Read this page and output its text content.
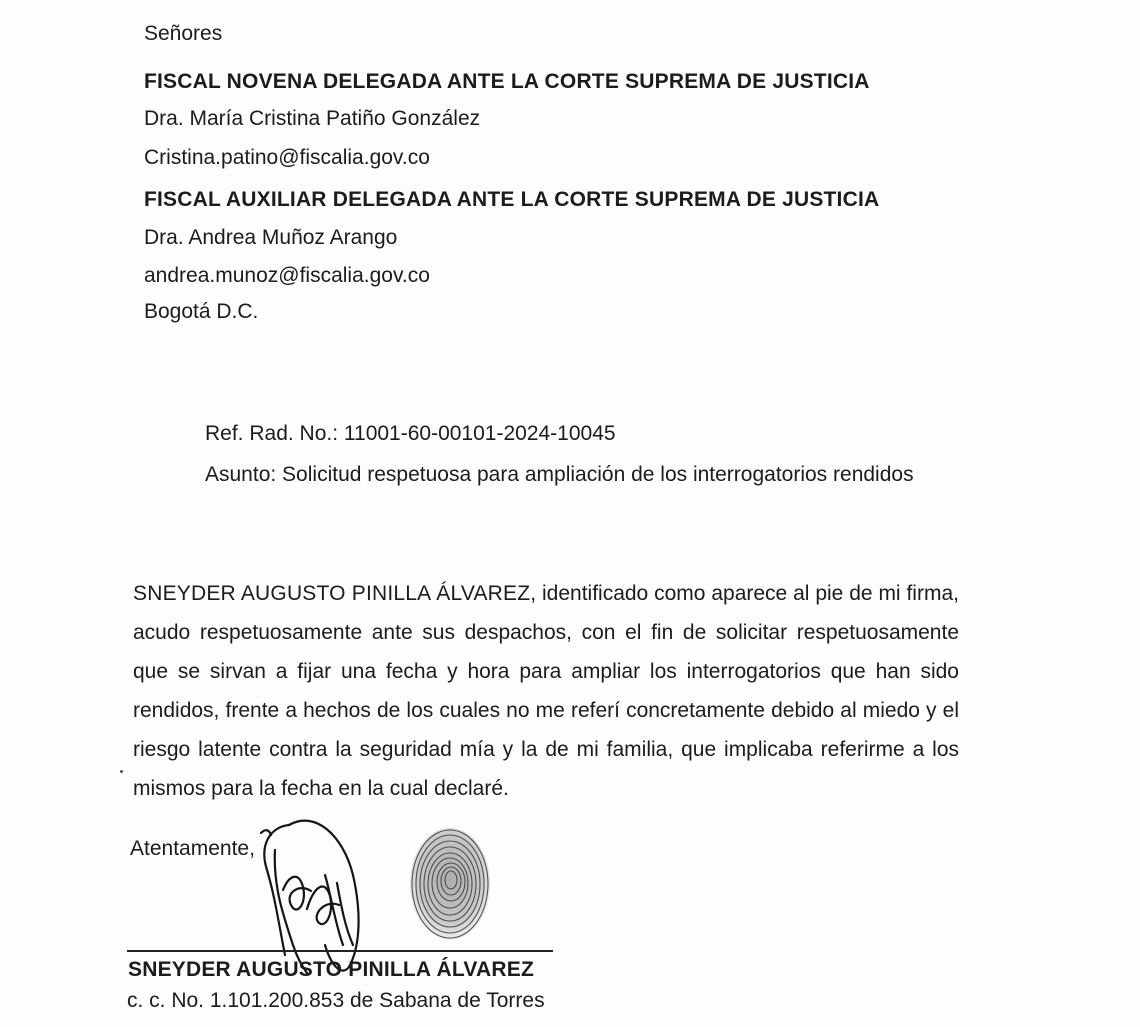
Señores
FISCAL NOVENA DELEGADA ANTE LA CORTE SUPREMA DE JUSTICIA
Dra. María Cristina Patiño González
Cristina.patino@fiscalia.gov.co
FISCAL AUXILIAR DELEGADA ANTE LA CORTE SUPREMA DE JUSTICIA
Dra. Andrea Muñoz Arango
andrea.munoz@fiscalia.gov.co
Bogotá D.C.
Ref. Rad. No.: 11001-60-00101-2024-10045
Asunto: Solicitud respetuosa para ampliación de los interrogatorios rendidos
SNEYDER AUGUSTO PINILLA ÁLVAREZ, identificado como aparece al pie de mi firma, acudo respetuosamente ante sus despachos, con el fin de solicitar respetuosamente que se sirvan a fijar una fecha y hora para ampliar los interrogatorios que han sido rendidos, frente a hechos de los cuales no me referí concretamente debido al miedo y el riesgo latente contra la seguridad mía y la de mi familia, que implicaba referirme a los mismos para la fecha en la cual declaré.
Atentamente,
SNEYDER AUGUSTO PINILLA ÁLVAREZ
c. c. No. 1.101.200.853 de Sabana de Torres
